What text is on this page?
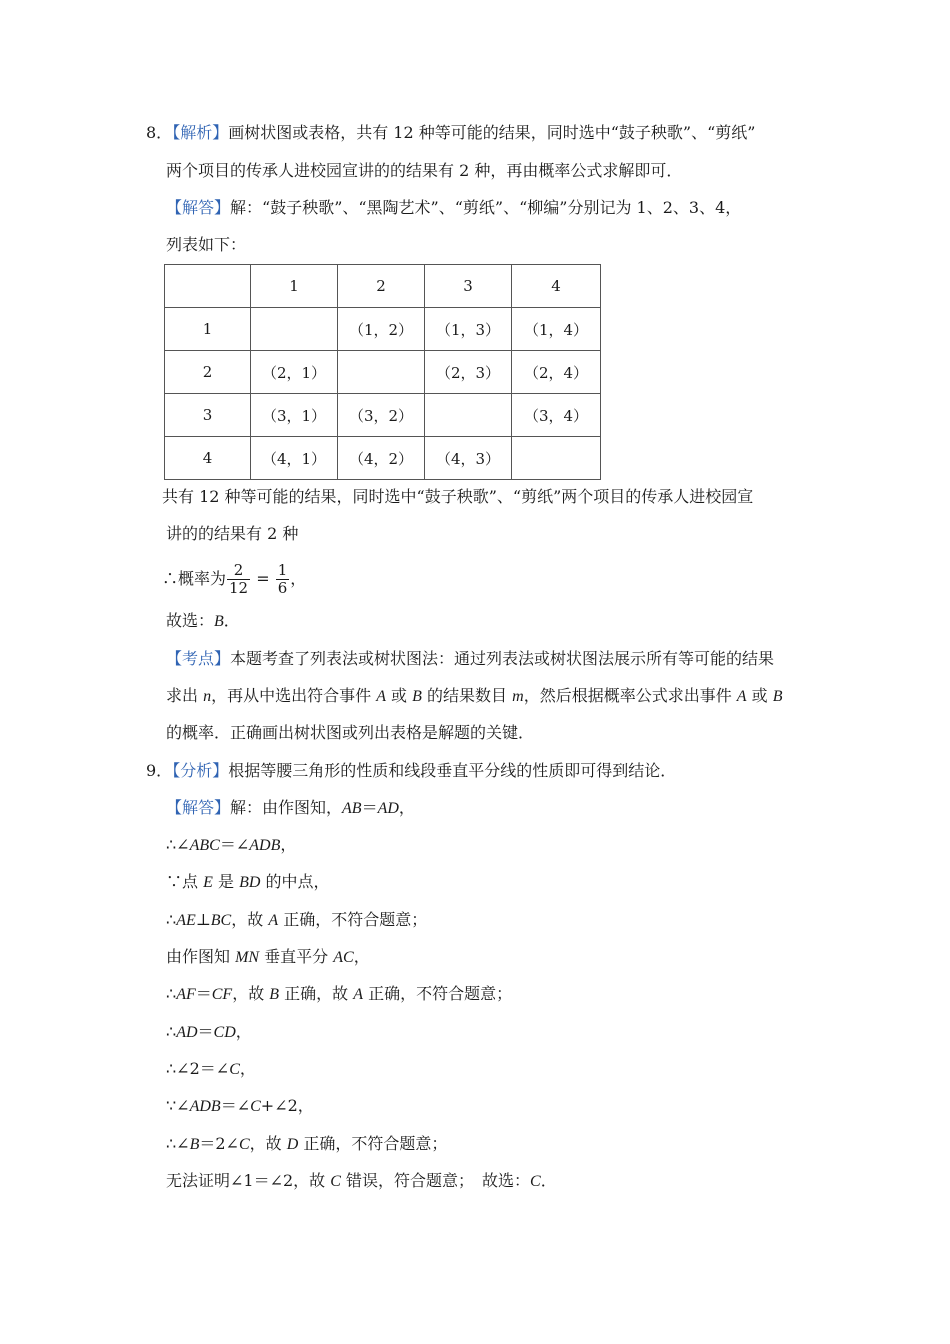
8．【解析】画树状图或表格，共有 12 种等可能的结果，同时选中“鼓子秧歌”、“剪纸”
两个项目的传承人进校园宣讲的的结果有 2 种，再由概率公式求解即可．
【解答】解：“鼓子秧歌”、“黑陶艺术”、“剪纸”、“柳编”分别记为 1、2、3、4，
列表如下：
	1	2	3	4
1		（1，2）	（1，3）	（1，4）
2	（2，1）		（2，3）	（2，4）
3	（3，1）	（3，2）		（3，4）
4	（4，1）	（4，2）	（4，3）	
共有 12 种等可能的结果，同时选中“鼓子秧歌”、“剪纸”两个项目的传承人进校园宣
讲的的结果有 2 种
∴概率为 $\frac{2}{12} = \frac{1}{6}$ ，
故选：B．
【考点】本题考查了列表法或树状图法：通过列表法或树状图法展示所有等可能的结果
求出 n，再从中选出符合事件 A 或 B 的结果数目 m，然后根据概率公式求出事件 A 或 B
的概率．正确画出树状图或列出表格是解题的关键．
9．【分析】根据等腰三角形的性质和线段垂直平分线的性质即可得到结论．
【解答】解：由作图知，AB＝AD，
∴∠ABC＝∠ADB，
∵点 E 是 BD 的中点，
∴AE⊥BC，故 A 正确，不符合题意；
由作图知 MN 垂直平分 AC，
∴AF＝CF，故 B 正确，故 A 正确，不符合题意；
∴AD＝CD，
∴∠2＝∠C，
∵∠ADB＝∠C+∠2，
∴∠B＝2∠C，故 D 正确，不符合题意；
无法证明∠1＝∠2，故 C 错误，符合题意；　故选：C．
